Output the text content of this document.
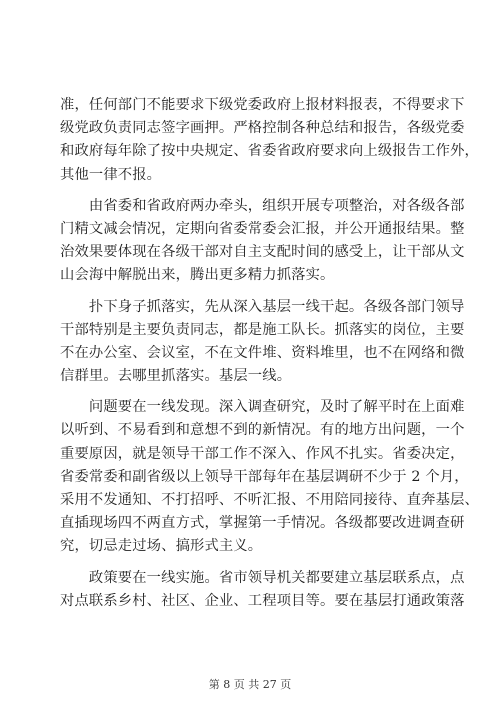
准，任何部门不能要求下级党委政府上报材料报表，不得要求下
级党政负责同志签字画押。严格控制各种总结和报告，各级党委
和政府每年除了按中央规定、省委省政府要求向上级报告工作外，
其他一律不报。
　　由省委和省政府两办牵头，组织开展专项整治，对各级各部
门精文减会情况，定期向省委常委会汇报，并公开通报结果。整
治效果要体现在各级干部对自主支配时间的感受上，让干部从文
山会海中解脱出来，腾出更多精力抓落实。
　　扑下身子抓落实，先从深入基层一线干起。各级各部门领导
干部特别是主要负责同志，都是施工队长。抓落实的岗位，主要
不在办公室、会议室，不在文件堆、资料堆里，也不在网络和微
信群里。去哪里抓落实。基层一线。
　　问题要在一线发现。深入调查研究，及时了解平时在上面难
以听到、不易看到和意想不到的新情况。有的地方出问题，一个
重要原因，就是领导干部工作不深入、作风不扎实。省委决定，
省委常委和副省级以上领导干部每年在基层调研不少于 2 个月，
采用不发通知、不打招呼、不听汇报、不用陪同接待、直奔基层、
直插现场四不两直方式，掌握第一手情况。各级都要改进调查研
究，切忌走过场、搞形式主义。
　　政策要在一线实施。省市领导机关都要建立基层联系点，点
对点联系乡村、社区、企业、工程项目等。要在基层打通政策落
第 8 页 共 27 页
